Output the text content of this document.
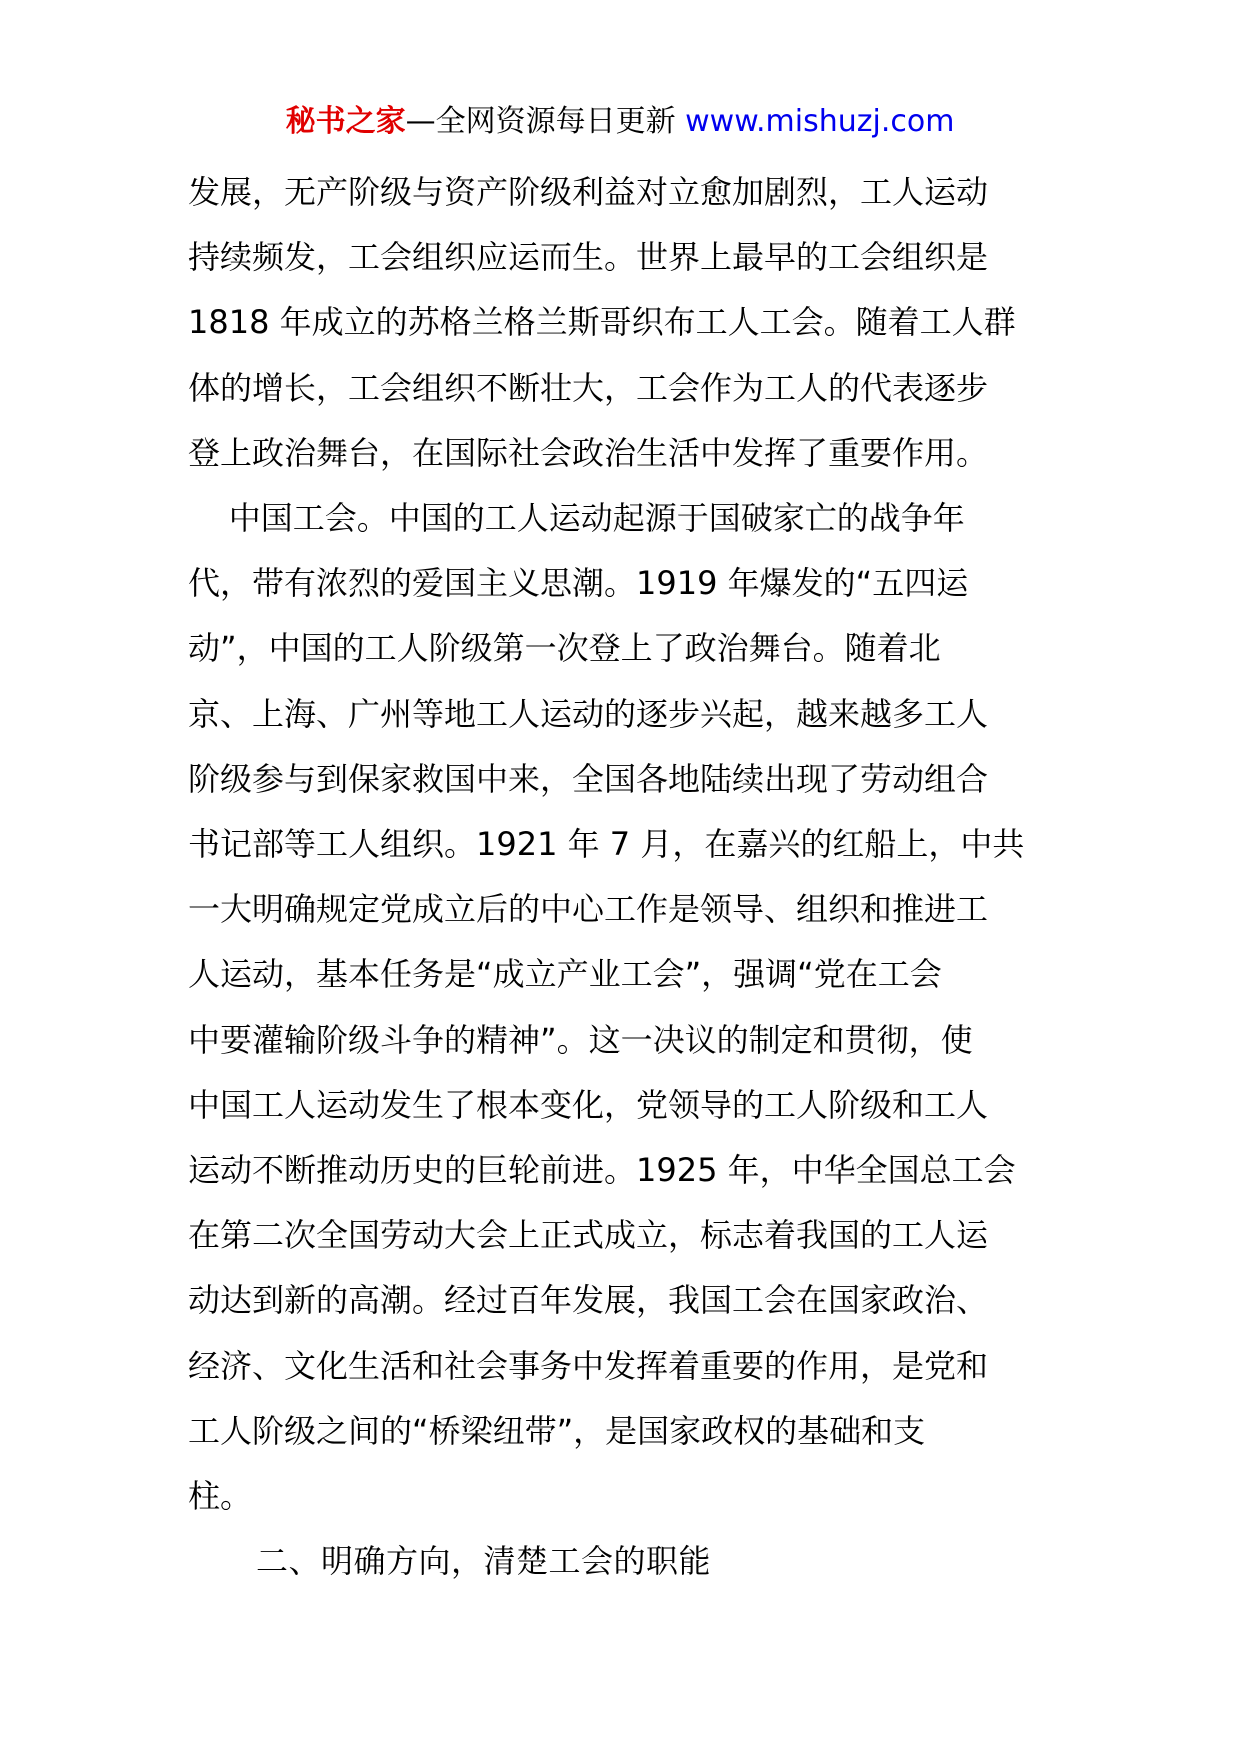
秘书之家—全网资源每日更新 www.mishuzj.com

发展，无产阶级与资产阶级利益对立愈加剧烈，工人运动
持续频发，工会组织应运而生。世界上最早的工会组织是
1818 年成立的苏格兰格兰斯哥织布工人工会。随着工人群
体的增长，工会组织不断壮大，工会作为工人的代表逐步
登上政治舞台，在国际社会政治生活中发挥了重要作用。

中国工会。中国的工人运动起源于国破家亡的战争年
代，带有浓烈的爱国主义思潮。1919 年爆发的“五四运
动”，中国的工人阶级第一次登上了政治舞台。随着北
京、上海、广州等地工人运动的逐步兴起，越来越多工人
阶级参与到保家救国中来，全国各地陆续出现了劳动组合
书记部等工人组织。1921 年 7 月，在嘉兴的红船上，中共
一大明确规定党成立后的中心工作是领导、组织和推进工
人运动，基本任务是“成立产业工会”，强调“党在工会
中要灌输阶级斗争的精神”。这一决议的制定和贯彻，使
中国工人运动发生了根本变化，党领导的工人阶级和工人
运动不断推动历史的巨轮前进。1925 年，中华全国总工会
在第二次全国劳动大会上正式成立，标志着我国的工人运
动达到新的高潮。经过百年发展，我国工会在国家政治、
经济、文化生活和社会事务中发挥着重要的作用，是党和
工人阶级之间的“桥梁纽带”，是国家政权的基础和支
柱。

二、明确方向，清楚工会的职能
